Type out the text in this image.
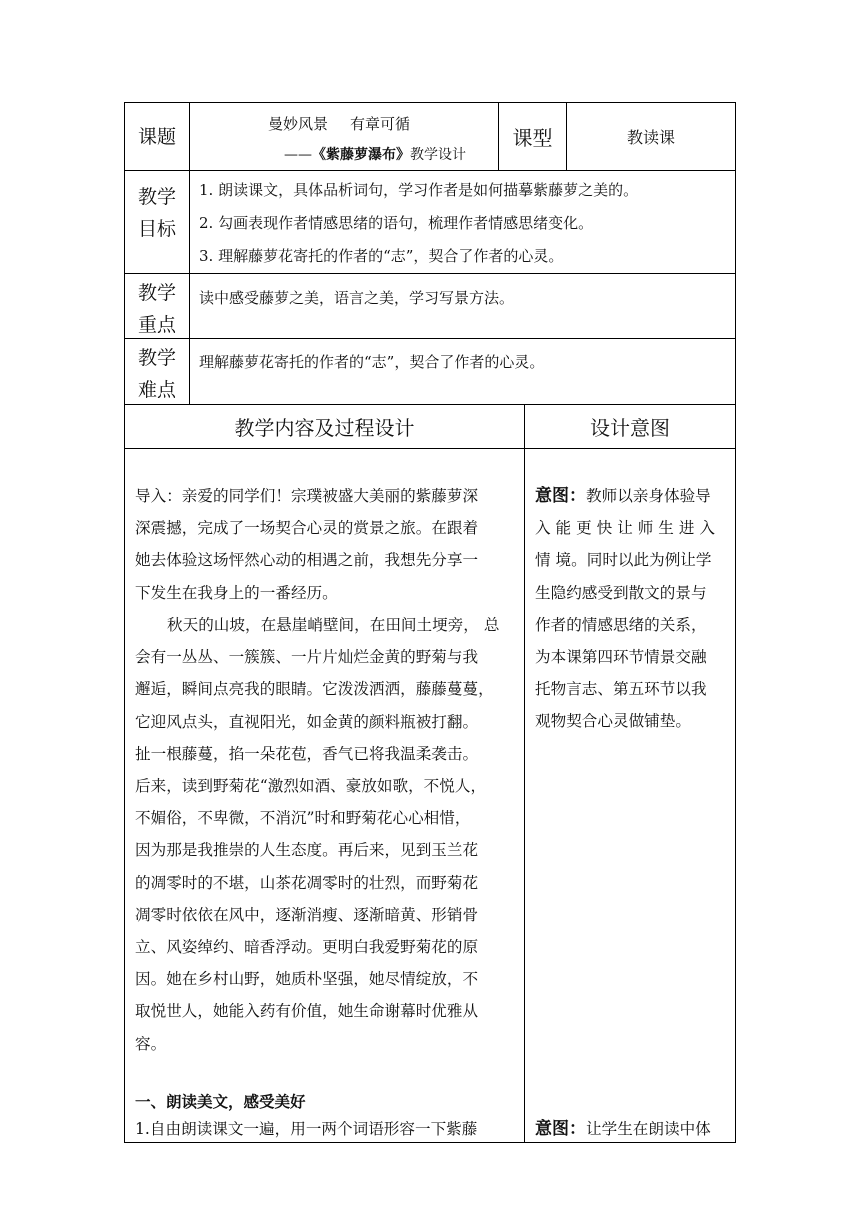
课题
曼妙风景 有章可循
——《紫藤萝瀑布》教学设计
课型	教读课
教学
目标
1. 朗读课文，具体品析词句，学习作者是如何描摹紫藤萝之美的。
2. 勾画表现作者情感思绪的语句，梳理作者情感思绪变化。
3. 理解藤萝花寄托的作者的“志”，契合了作者的心灵。
教学
重点
读中感受藤萝之美，语言之美，学习写景方法。
教学
难点
理解藤萝花寄托的作者的“志”，契合了作者的心灵。
教学内容及过程设计	设计意图
导入：亲爱的同学们！宗璞被盛大美丽的紫藤萝深
深震撼，完成了一场契合心灵的赏景之旅。在跟着
她去体验这场怦然心动的相遇之前，我想先分享一
下发生在我身上的一番经历。
秋天的山坡，在悬崖峭壁间，在田间土埂旁， 总
会有一丛丛、一簇簇、一片片灿烂金黄的野菊与我
邂逅，瞬间点亮我的眼睛。它泼泼洒洒，藤藤蔓蔓，
它迎风点头，直视阳光，如金黄的颜料瓶被打翻。
扯一根藤蔓，掐一朵花苞，香气已将我温柔袭击。
后来，读到野菊花“激烈如酒、豪放如歌，不悦人，
不媚俗，不卑微，不消沉”时和野菊花心心相惜，
因为那是我推崇的人生态度。再后来，见到玉兰花
的凋零时的不堪，山茶花凋零时的壮烈，而野菊花
凋零时依依在风中，逐渐消瘦、逐渐暗黄、形销骨
立、风姿绰约、暗香浮动。更明白我爱野菊花的原
因。她在乡村山野，她质朴坚强，她尽情绽放，不
取悦世人，她能入药有价值，她生命谢幕时优雅从
容。
一、朗读美文，感受美好
1.自由朗读课文一遍，用一两个词语形容一下紫藤
意图：教师以亲身体验导
入 能 更 快 让 师 生 进 入
情 境。同时以此为例让学
生隐约感受到散文的景与
作者的情感思绪的关系，
为本课第四环节情景交融
托物言志、第五环节以我
观物契合心灵做铺垫。
意图：让学生在朗读中体
